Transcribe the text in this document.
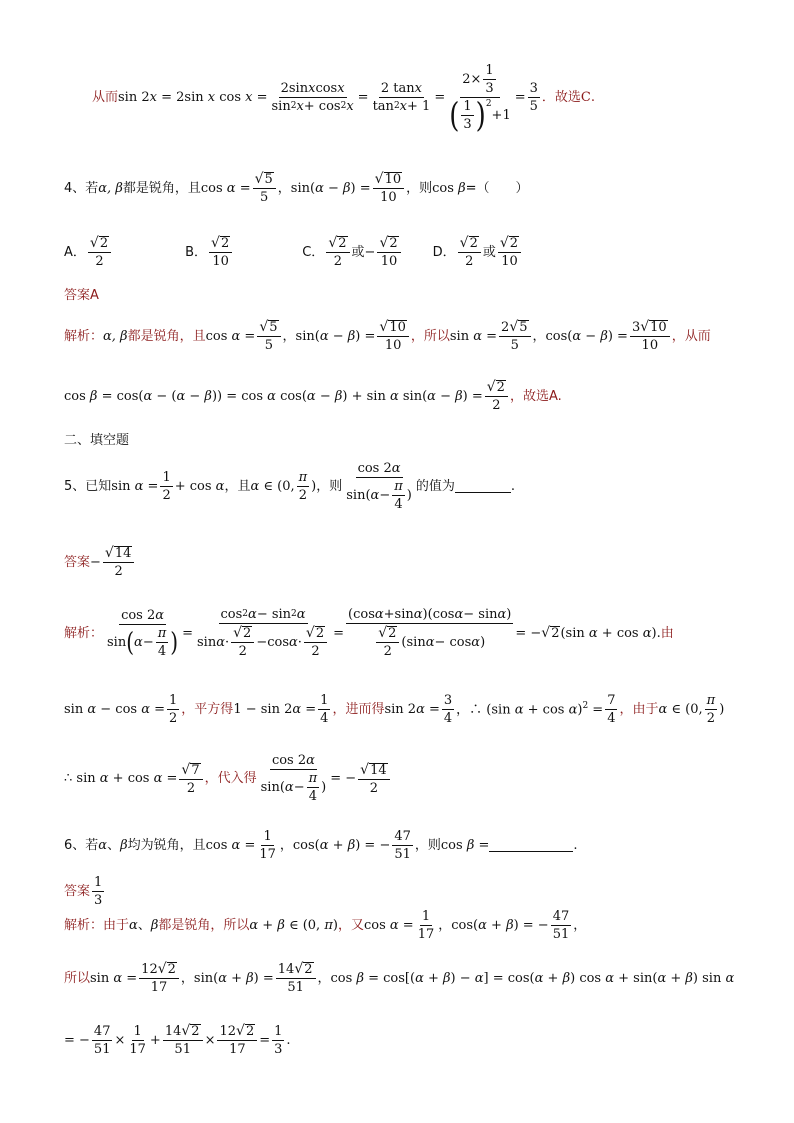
从而 sin 2x = 2sin x $\cos x = \frac{\text{2sin x cos x}}{\sin 2 x + \cos 2 x} = \frac{\text{2 tan x}}{\tan 2 x + 1} = 2\times \frac{1}{3}$
( $\frac{1}{3} )^2$
$+1 = \frac{3}{5}$ ．故选 C .
4、若 α, β 都是锐角，且 $\cos \alpha = \frac{√ 5}{5}$ ，$\sin(\alpha - \beta) = \frac{√ 10}{10}$ ，则 cos β =（　　）
A． $\frac{√ 2}{2}$	B． $\frac{√ 2}{10}$	C． $\frac{√ 2}{2}$ 或 − $\frac{√ 2}{10}$ D． $\frac{√ 2}{2}$ 或 $\frac{√ 2}{10}$
答案A
解析： α, β 都是锐角，且 $\cos \alpha = \frac{√ 5}{5}$ ，$\sin(\alpha - \beta) = \frac{√ 10}{10}$ ，所以 $\sin \alpha = \frac{2 √ 5}{5}$ ，$\cos(\alpha - \beta) = \frac{3 √ 10}{10}$ ，从而
cos β = cos(α − (α − β)) = cos α cos(α − β) + sin α $\sin(\alpha - \beta) = \frac{√ 2}{2}$ ，故选A.
二、填空题
5、已知 $\sin \alpha = \frac{1}{2} + \cos \alpha$ ，且 α ∈ (0, $\frac{\pi}{2}$ ) ，则 $\frac{\cos 2 \alpha}{\sin( \alpha - \frac{\pi}{4} )}$ 的值为	.
答案 − $\frac{√ 14}{2}$
解析： $\frac{\cos 2 \alpha}{\sin ( \alpha - \frac{\pi}{4} )} = \frac{\cos 2 \alpha - \sin 2 \alpha}{\sin \alpha \cdot \frac{√ 2}{2} -\cos \alpha \cdot \frac{√ 2}{2}} = \frac{\text{(cos α +sin α )(cos α − sin α )}}{\frac{√ 2}{2} (\sin \alpha - \cos \alpha )}$ = − √ 2 (sin α + cos α). 由
$\sin \alpha - \cos \alpha = \frac{1}{2}$ ，平方得 $1 - \sin 2\alpha = \frac{1}{4}$ ，进而得 $\sin 2\alpha = \frac{3}{4}$ ，∴ (sin $\alpha + \cos \alpha)^2 = \frac{7}{4}$ ，由于 α ∈ (0, $\frac{\pi}{2}$ )
∴ $\sin \alpha + \cos \alpha = \frac{√ 7}{2}$ ，代入得 $\frac{\cos 2 \alpha}{\sin( \alpha - \frac{\pi}{4} )}$ = − $\frac{√ 14}{2}$
6、若 α、β 均为锐角，且 $\cos \alpha = \frac{1}{17}$ ，cos(α + β) = − $\frac{47}{51}$ ，则 cos β =	.
答案 $\frac{1}{3}$
解析： 由于 α、β 都是锐角，所以 α + β ∈ (0, π) ，又 $\cos \alpha = \frac{1}{17}$ ，cos(α + β) = − $\frac{47}{51}$ ，
所以 $\sin \alpha = \frac{12 √ 2}{17}$ ，$\sin(\alpha + \beta) = \frac{14 √ 2}{51}$ ，cos β = cos[(α + β) − α] = cos(α + β) cos α + sin(α + β) sin α
= − $\frac{47}{51} \times \frac{1}{17} + \frac{14 √ 2}{51} \times \frac{12 √ 2}{17} = \frac{1}{3}$ .
